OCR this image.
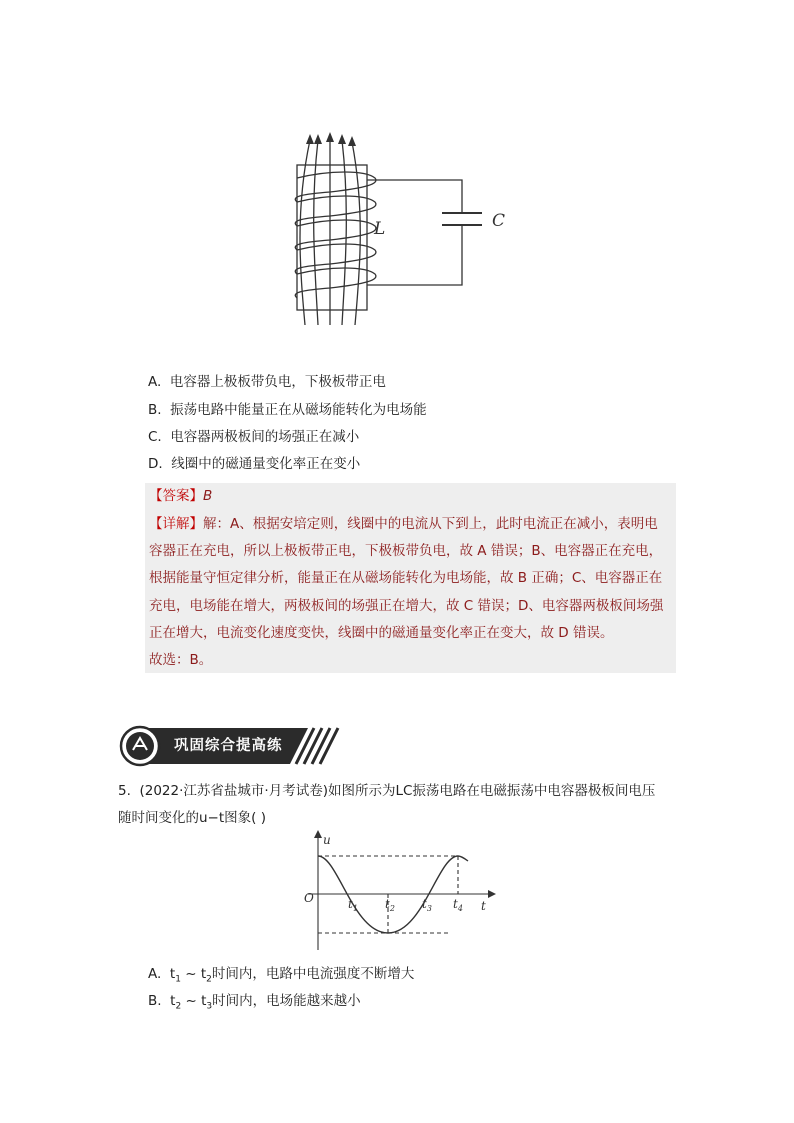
L	C
A. 电容器上极板带负电，下极板带正电
B. 振荡电路中能量正在从磁场能转化为电场能
C. 电容器两极板间的场强正在减小
D. 线圈中的磁通量变化率正在变小
【答案】B
【详解】解：A、根据安培定则，线圈中的电流从下到上，此时电流正在减小，表明电
容器正在充电，所以上极板带正电，下极板带负电，故 A 错误；B、电容器正在充电，
根据能量守恒定律分析，能量正在从磁场能转化为电场能，故 B 正确；C、电容器正在
充电，电场能在增大，两极板间的场强正在增大，故 C 错误；D、电容器两极板间场强
正在增大，电流变化速度变快，线圈中的磁通量变化率正在变大，故 D 错误。
故选：B。
巩固综合提高练
5. (2022·江苏省盐城市·月考试卷)如图所示为LC振荡电路在电磁振荡中电容器极板间电压
随时间变化的u−t图象( )
u
t
O	$t_1$ $t_2$ $t_3$ $t_4$
A. $t_1$ ~ $t_2$时间内，电路中电流强度不断增大
B. $t_2$ ~ $t_3$时间内，电场能越来越小
